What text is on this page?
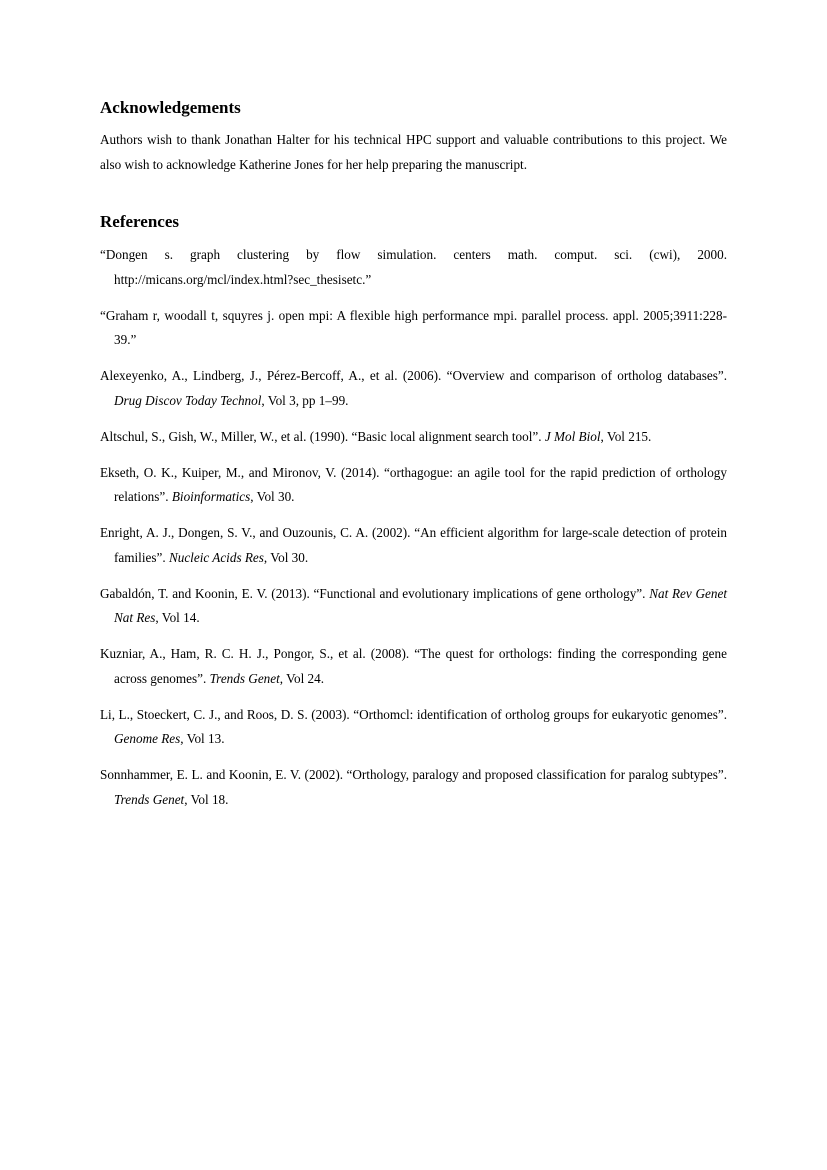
Acknowledgements

Authors wish to thank Jonathan Halter for his technical HPC support and valuable contributions to this project. We also wish to acknowledge Katherine Jones for her help preparing the manuscript.

References
“Dongen s. graph clustering by flow simulation. centers math. comput. sci. (cwi), 2000. http://micans.org/mcl/index.html?sec_thesisetc.”
“Graham r, woodall t, squyres j. open mpi: A flexible high performance mpi. parallel process. appl. 2005;3911:228-39.”
Alexeyenko, A., Lindberg, J., Pérez-Bercoff, A., et al. (2006). “Overview and comparison of ortholog databases”. Drug Discov Today Technol, Vol 3, pp 1–99.
Altschul, S., Gish, W., Miller, W., et al. (1990). “Basic local alignment search tool”. J Mol Biol, Vol 215.
Ekseth, O. K., Kuiper, M., and Mironov, V. (2014). “orthagogue: an agile tool for the rapid prediction of orthology relations”. Bioinformatics, Vol 30.
Enright, A. J., Dongen, S. V., and Ouzounis, C. A. (2002). “An efficient algorithm for large-scale detection of protein families”. Nucleic Acids Res, Vol 30.
Gabaldón, T. and Koonin, E. V. (2013). “Functional and evolutionary implications of gene orthology”. Nat Rev Genet Nat Res, Vol 14.
Kuzniar, A., Ham, R. C. H. J., Pongor, S., et al. (2008). “The quest for orthologs: finding the corresponding gene across genomes”. Trends Genet, Vol 24.
Li, L., Stoeckert, C. J., and Roos, D. S. (2003). “Orthomcl: identification of ortholog groups for eukaryotic genomes”. Genome Res, Vol 13.
Sonnhammer, E. L. and Koonin, E. V. (2002). “Orthology, paralogy and proposed classification for paralog subtypes”. Trends Genet, Vol 18.
